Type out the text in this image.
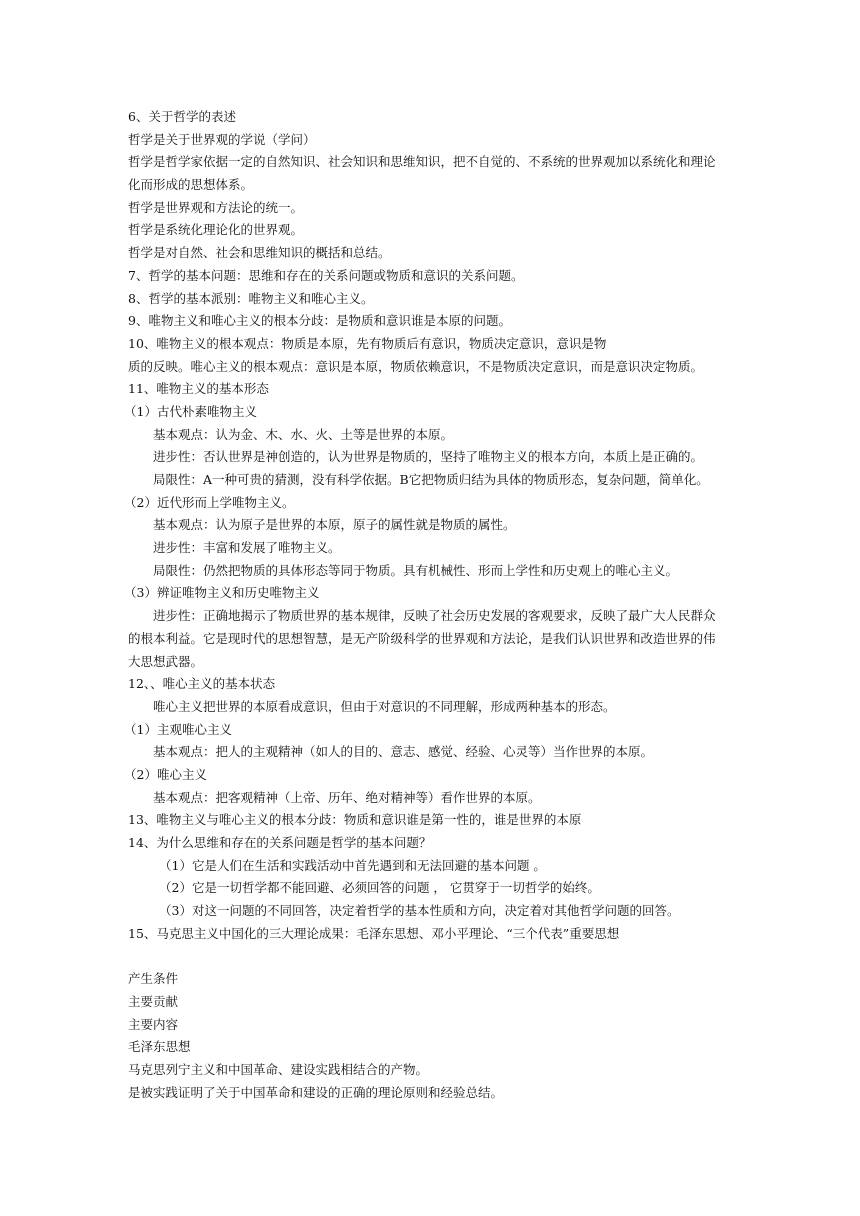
6、关于哲学的表述
哲学是关于世界观的学说（学问）
哲学是哲学家依据一定的自然知识、社会知识和思维知识，把不自觉的、不系统的世界观加以系统化和理论
化而形成的思想体系。
哲学是世界观和方法论的统一。
哲学是系统化理论化的世界观。
哲学是对自然、社会和思维知识的概括和总结。
7、哲学的基本问题：思维和存在的关系问题或物质和意识的关系问题。
8、哲学的基本派别：唯物主义和唯心主义。
9、唯物主义和唯心主义的根本分歧：是物质和意识谁是本原的问题。
10、唯物主义的根本观点：物质是本原，先有物质后有意识，物质决定意识，意识是物
质的反映。唯心主义的根本观点：意识是本原，物质依赖意识，不是物质决定意识，而是意识决定物质。
11、唯物主义的基本形态
（1）古代朴素唯物主义
基本观点：认为金、木、水、火、土等是世界的本原。
进步性：否认世界是神创造的，认为世界是物质的，坚持了唯物主义的根本方向，本质上是正确的。
局限性：A一种可贵的猜测，没有科学依据。B它把物质归结为具体的物质形态，复杂问题，简单化。
（2）近代形而上学唯物主义。
基本观点：认为原子是世界的本原，原子的属性就是物质的属性。
进步性：丰富和发展了唯物主义。
局限性：仍然把物质的具体形态等同于物质。具有机械性、形而上学性和历史观上的唯心主义。
（3）辨证唯物主义和历史唯物主义
进步性：正确地揭示了物质世界的基本规律，反映了社会历史发展的客观要求，反映了最广大人民群众
的根本利益。它是现时代的思想智慧，是无产阶级科学的世界观和方法论，是我们认识世界和改造世界的伟
大思想武器。
12、、唯心主义的基本状态
唯心主义把世界的本原看成意识，但由于对意识的不同理解，形成两种基本的形态。
（1）主观唯心主义
基本观点：把人的主观精神（如人的目的、意志、感觉、经验、心灵等）当作世界的本原。
（2）唯心主义
基本观点：把客观精神（上帝、历年、绝对精神等）看作世界的本原。
13、唯物主义与唯心主义的根本分歧：物质和意识谁是第一性的，谁是世界的本原
14、为什么思维和存在的关系问题是哲学的基本问题？
（1）它是人们在生活和实践活动中首先遇到和无法回避的基本问题 。
（2）它是一切哲学都不能回避、必须回答的问题 ， 它贯穿于一切哲学的始终。
（3）对这一问题的不同回答，决定着哲学的基本性质和方向，决定着对其他哲学问题的回答。
15、马克思主义中国化的三大理论成果：毛泽东思想、邓小平理论、“三个代表”重要思想
产生条件
主要贡献
主要内容
毛泽东思想
马克思列宁主义和中国革命、建设实践相结合的产物。
是被实践证明了关于中国革命和建设的正确的理论原则和经验总结。
